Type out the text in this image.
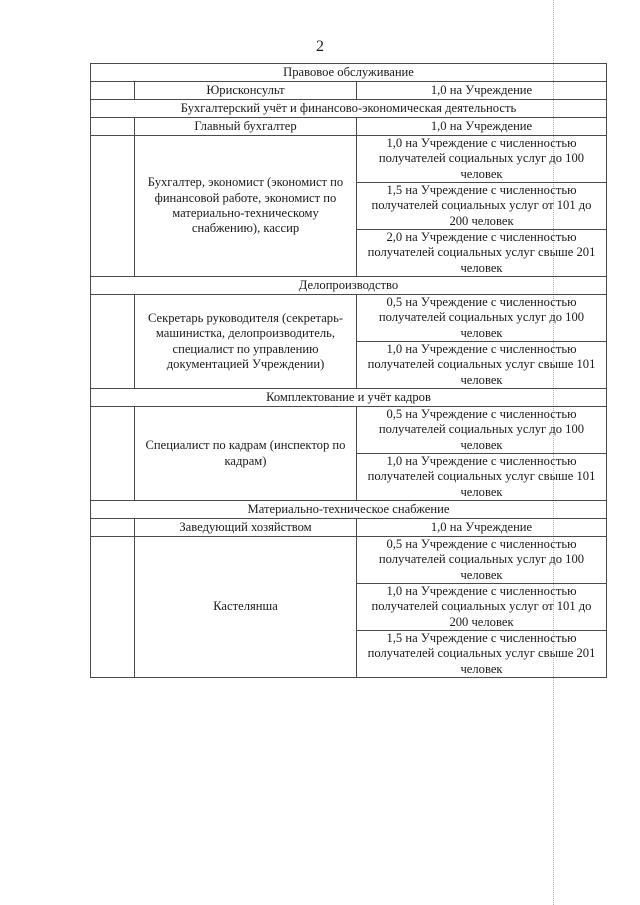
2
Правовое обслуживание		
	Юрисконсульт	1,0 на Учреждение
Бухгалтерский учёт и финансово-экономическая деятельность		
	Главный бухгалтер	1,0 на Учреждение
	Бухгалтер, экономист (экономист по финансовой работе, экономист по материально-техническому снабжению), кассир	1,0 на Учреждение с численностью получателей социальных услуг до 100 человек
		1,5 на Учреждение с численностью получателей социальных услуг от 101 до 200 человек
		2,0 на Учреждение с численностью получателей социальных услуг свыше 201 человек
Делопроизводство		
	Секретарь руководителя (секретарь-машинистка, делопроизводитель, специалист по управлению документацией Учреждении)	0,5 на Учреждение с численностью получателей социальных услуг до 100 человек
		1,0 на Учреждение с численностью получателей социальных услуг свыше 101 человек
Комплектование и учёт кадров		
	Специалист по кадрам (инспектор по кадрам)	0,5 на Учреждение с численностью получателей социальных услуг до 100 человек
		1,0 на Учреждение с численностью получателей социальных услуг свыше 101 человек
Материально-техническое снабжение		
	Заведующий хозяйством	1,0 на Учреждение
	Кастелянша	0,5 на Учреждение с численностью получателей социальных услуг до 100 человек
		1,0 на Учреждение с численностью получателей социальных услуг от 101 до 200 человек
		1,5 на Учреждение с численностью получателей социальных услуг свыше 201 человек
